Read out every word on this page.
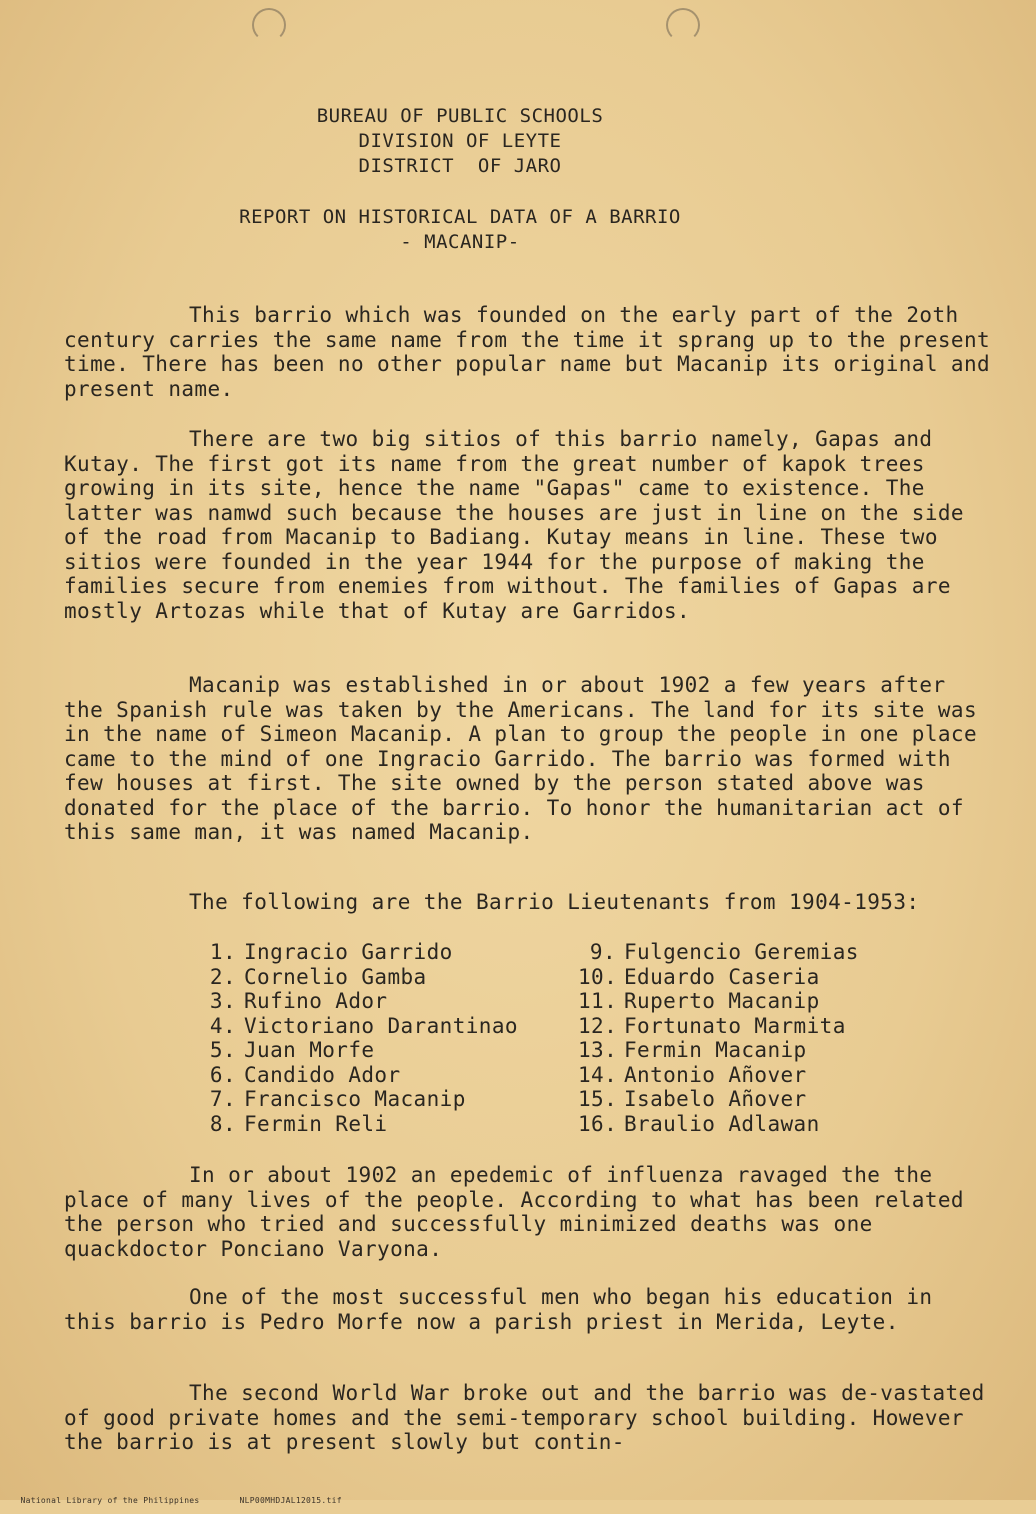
BUREAU OF PUBLIC SCHOOLS
DIVISION OF LEYTE
DISTRICT  OF JARO
REPORT ON HISTORICAL DATA OF A BARRIO
- MACANIP-

This barrio which was founded on the early part of the 2oth century carries the same name from the time it sprang up to the present time. There has been no other popular name but Macanip its original and present name.

There are two big sitios of this barrio namely, Gapas and Kutay. The first got its name from the great number of kapok trees growing in its site, hence the name "Gapas" came to existence. The latter was namwd such because the houses are just in line on the side of the road from Macanip to Badiang. Kutay means in line. These two sitios were founded in the year 1944 for the purpose of making the families secure from enemies from without. The families of Gapas are mostly Artozas while that of Kutay are Garridos.

Macanip was established in or about 1902 a few years after the Spanish rule was taken by the Americans. The land for its site was in the name of Simeon Macanip. A plan to group the people in one place came to the mind of one Ingracio Garrido. The barrio was formed with few houses at first. The site owned by the person stated above was donated for the place of the barrio. To honor the humanitarian act of this same man, it was named Macanip.

The following are the Barrio Lieutenants from 1904-1953:

1. Ingracio Garrido
2. Cornelio Gamba
3. Rufino Ador
4. Victoriano Darantinao
5. Juan Morfe
6. Candido Ador
7. Francisco Macanip
8. Fermin Reli
9. Fulgencio Geremias
10. Eduardo Caseria
11. Ruperto Macanip
12. Fortunato Marmita
13. Fermin Macanip
14. Antonio Añover
15. Isabelo Añover
16. Braulio Adlawan

In or about 1902 an epedemic of influenza ravaged the the place of many lives of the people. According to what has been related the person who tried and successfully minimized deaths was one quackdoctor Ponciano Varyona.

One of the most successful men who began his education in this barrio is Pedro Morfe now a parish priest in Merida, Leyte.

The second World War broke out and the barrio was de-vastated of good private homes and the semi-temporary school building. However the barrio is at present slowly but contin-

National Library of the Philippines	NLP00MHDJAL12015.tif
